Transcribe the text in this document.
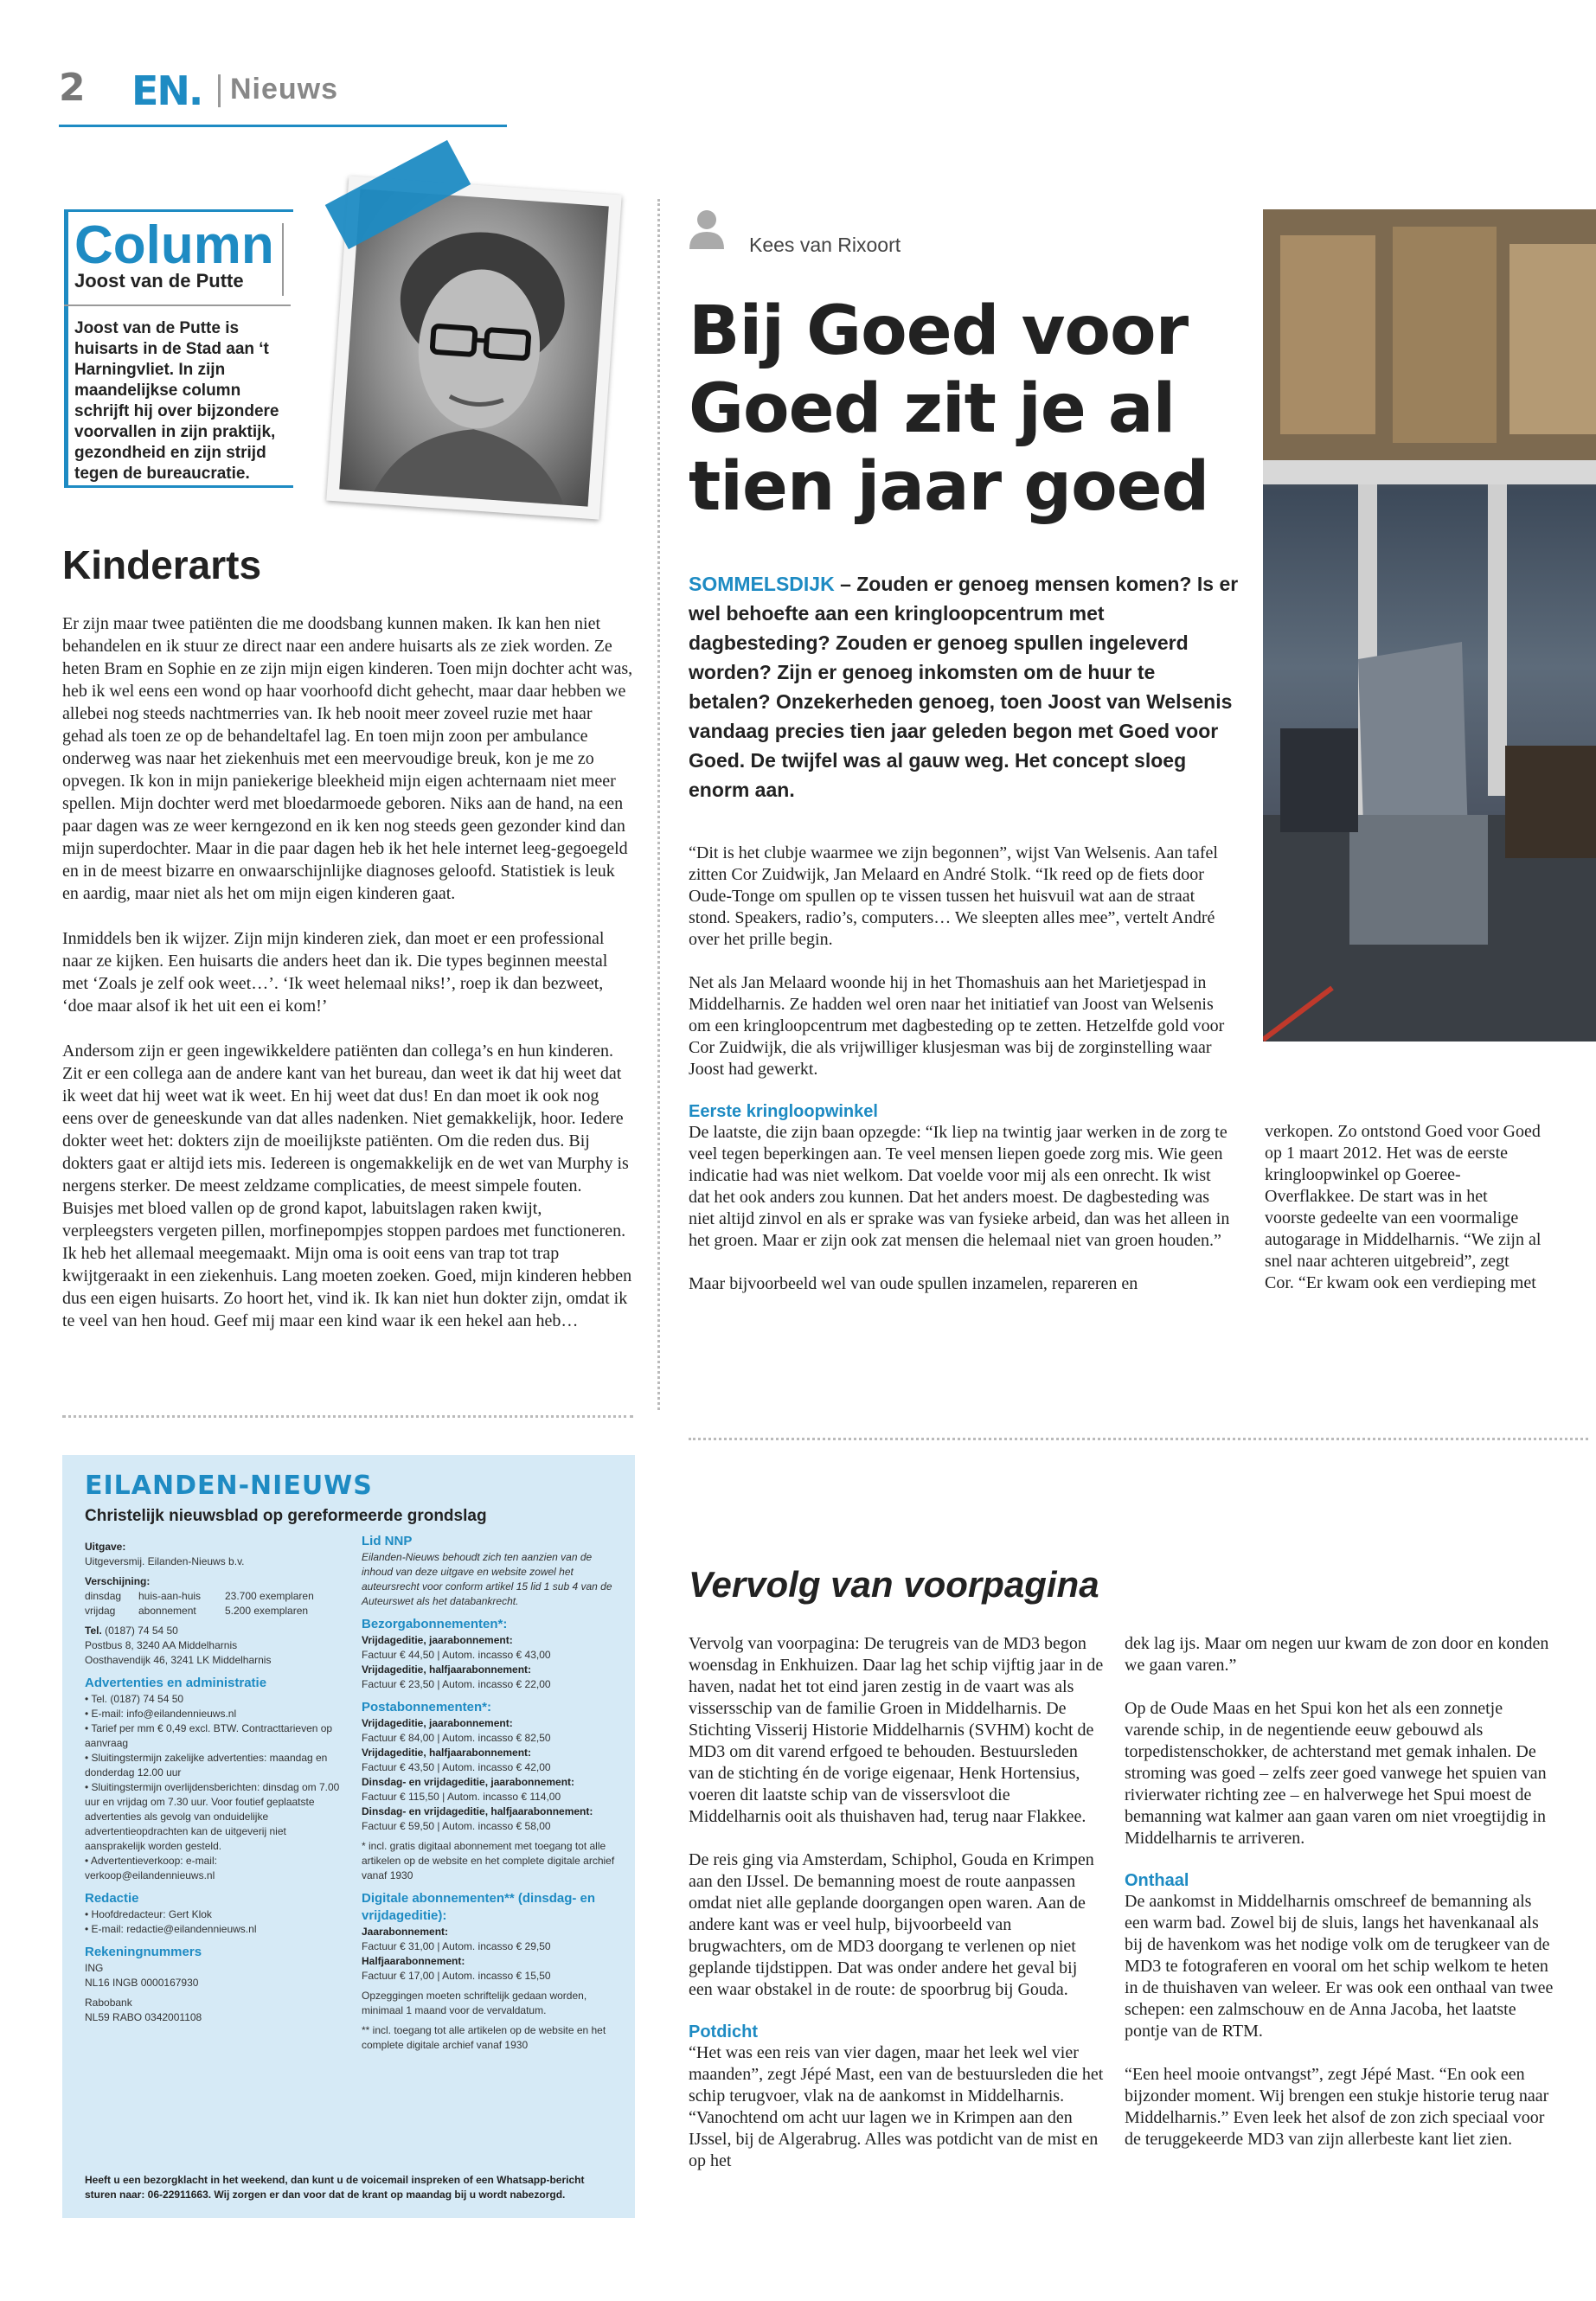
2 EN. Nieuws
Column
Joost van de Putte
Joost van de Putte is huisarts in de Stad aan ‘t Harningvliet. In zijn maandelijkse column schrijft hij over bijzondere voorvallen in zijn praktijk, gezondheid en zijn strijd tegen de bureaucratie.
Kinderarts

Er zijn maar twee patiënten die me doodsbang kunnen maken. Ik kan hen niet behandelen en ik stuur ze direct naar een andere huisarts als ze ziek worden. Ze heten Bram en Sophie en ze zijn mijn eigen kinderen. Toen mijn dochter acht was, heb ik wel eens een wond op haar voorhoofd dicht gehecht, maar daar hebben we allebei nog steeds nachtmerries van. Ik heb nooit meer zoveel ruzie met haar gehad als toen ze op de behandeltafel lag. En toen mijn zoon per ambulance onderweg was naar het ziekenhuis met een meervoudige breuk, kon je me zo opvegen. Ik kon in mijn paniekerige bleekheid mijn eigen achternaam niet meer spellen. Mijn dochter werd met bloedarmoede geboren. Niks aan de hand, na een paar dagen was ze weer kerngezond en ik ken nog steeds geen gezonder kind dan mijn superdochter. Maar in die paar dagen heb ik het hele internet leeg-gegoegeld en in de meest bizarre en onwaarschijnlijke diagnoses geloofd. Statistiek is leuk en aardig, maar niet als het om mijn eigen kinderen gaat.

Inmiddels ben ik wijzer. Zijn mijn kinderen ziek, dan moet er een professional naar ze kijken. Een huisarts die anders heet dan ik. Die types beginnen meestal met ‘Zoals je zelf ook weet…’. ‘Ik weet helemaal niks!’, roep ik dan bezweet, ‘doe maar alsof ik het uit een ei kom!’

Andersom zijn er geen ingewikkeldere patiënten dan collega’s en hun kinderen. Zit er een collega aan de andere kant van het bureau, dan weet ik dat hij weet dat ik weet dat hij weet wat ik weet. En hij weet dat dus! En dan moet ik ook nog eens over de geneeskunde van dat alles nadenken. Niet gemakkelijk, hoor. Iedere dokter weet het: dokters zijn de moeilijkste patiënten. Om die reden dus. Bij dokters gaat er altijd iets mis. Iedereen is ongemakkelijk en de wet van Murphy is nergens sterker. De meest zeldzame complicaties, de meest simpele fouten. Buisjes met bloed vallen op de grond kapot, labuitslagen raken kwijt, verpleegsters vergeten pillen, morfinepompjes stoppen pardoes met functioneren. Ik heb het allemaal meegemaakt. Mijn oma is ooit eens van trap tot trap kwijtgeraakt in een ziekenhuis. Lang moeten zoeken. Goed, mijn kinderen hebben dus een eigen huisarts. Zo hoort het, vind ik. Ik kan niet hun dokter zijn, omdat ik te veel van hen houd. Geef mij maar een kind waar ik een hekel aan heb…

Kees van Rixoort
Bij Goed voor Goed zit je al tien jaar goed
SOMMELSDIJK – Zouden er genoeg mensen komen? Is er wel behoefte aan een kringloopcentrum met dagbesteding? Zouden er genoeg spullen ingeleverd worden? Zijn er genoeg inkomsten om de huur te betalen? Onzekerheden genoeg, toen Joost van Welsenis vandaag precies tien jaar geleden begon met Goed voor Goed. De twijfel was al gauw weg. Het concept sloeg enorm aan.

“Dit is het clubje waarmee we zijn begonnen”, wijst Van Welsenis. Aan tafel zitten Cor Zuidwijk, Jan Melaard en André Stolk. “Ik reed op de fiets door Oude-Tonge om spullen op te vissen tussen het huisvuil wat aan de straat stond. Speakers, radio’s, computers… We sleepten alles mee”, vertelt André over het prille begin.

Net als Jan Melaard woonde hij in het Thomashuis aan het Marietjespad in Middelharnis. Ze hadden wel oren naar het initiatief van Joost van Welsenis om een kringloopcentrum met dagbesteding op te zetten. Hetzelfde gold voor Cor Zuidwijk, die als vrijwilliger klusjesman was bij de zorginstelling waar Joost had gewerkt.

Eerste kringloopwinkel

De laatste, die zijn baan opzegde: “Ik liep na twintig jaar werken in de zorg te veel tegen beperkingen aan. Te veel mensen liepen goede zorg mis. Wie geen indicatie had was niet welkom. Dat voelde voor mij als een onrecht. Ik wist dat het ook anders zou kunnen. Dat het anders moest. De dagbesteding was niet altijd zinvol en als er sprake was van fysieke arbeid, dan was het alleen in het groen. Maar er zijn ook zat mensen die helemaal niet van groen houden.”

Maar bijvoorbeeld wel van oude spullen inzamelen, repareren en

verkopen. Zo ontstond Goed voor Goed op 1 maart 2012. Het was de eerste kringloopwinkel op Goeree-Overflakkee. De start was in het voorste gedeelte van een voormalige autogarage in Middelharnis. “We zijn al snel naar achteren uitgebreid”, zegt Cor. “Er kwam ook een verdieping met
EILANDEN-NIEUWS
Christelijk nieuwsblad op gereformeerde grondslag
Uitgave:

Uitgeversmij. Eilanden-Nieuws b.v.

Verschijning:
dinsdag huis-aan-huis 23.700 exemplaren

vrijdag abonnement	5.200 exemplaren

Tel. (0187) 74 54 50
Postbus 8, 3240 AA Middelharnis

Oosthavendijk 46, 3241 LK Middelharnis

Advertenties en administratie
• Tel. (0187) 74 54 50
• E-mail: info@eilandennieuws.nl
• Tarief per mm € 0,49 excl. BTW. Contracttarieven op aanvraag
• Sluitingstermijn zakelijke advertenties: maandag en donderdag 12.00 uur
• Sluitingstermijn overlijdensberichten: dinsdag om 7.00 uur en vrijdag om 7.30 uur. Voor foutief geplaatste advertenties als gevolg van onduidelijke advertentieopdrachten kan de uitgeverij niet aansprakelijk worden gesteld.

• Advertentieverkoop: e-mail: verkoop@eilandennieuws.nl

Redactie
• Hoofdredacteur: Gert Klok

• E-mail: redactie@eilandennieuws.nl

Rekeningnummers
ING

NL16 INGB 0000167930

Rabobank
NL59 RABO 0342001108
Lid NNP

Eilanden-Nieuws behoudt zich ten aanzien van de inhoud van deze uitgave en website zowel het auteursrecht voor conform artikel 15 lid 1 sub 4 van de Auteurswet als het databankrecht.

Bezorgabonnementen*:
Vrijdageditie, jaarabonnement:
Factuur € 44,50 | Autom. incasso € 43,00
Vrijdageditie, halfjaarabonnement:

Factuur € 23,50 | Autom. incasso € 22,00

Postabonnementen*:
Vrijdageditie, jaarabonnement:
Factuur € 84,00 | Autom. incasso € 82,50
Vrijdageditie, halfjaarabonnement:
Factuur € 43,50 | Autom. incasso € 42,00
Dinsdag- en vrijdageditie, jaarabonnement:
Factuur € 115,50 | Autom. incasso € 114,00
Dinsdag- en vrijdageditie, halfjaarabonnement:

Factuur € 59,50 | Autom. incasso € 58,00

* incl. gratis digitaal abonnement met toegang tot alle artikelen op de website en het complete digitale archief vanaf 1930

Digitale abonnementen** (dinsdag- en vrijdageditie):
Jaarabonnement:
Factuur € 31,00 | Autom. incasso € 29,50
Halfjaarabonnement:

Factuur € 17,00 | Autom. incasso € 15,50

Opzeggingen moeten schriftelijk gedaan worden, minimaal 1 maand voor de vervaldatum.

** incl. toegang tot alle artikelen op de website en het complete digitale archief vanaf 1930

Heeft u een bezorgklacht in het weekend, dan kunt u de voicemail inspreken of een Whatsapp-bericht sturen naar: 06-22911663. Wij zorgen er dan voor dat de krant op maandag bij u wordt nabezorgd.
Vervolg van voorpagina

Vervolg van voorpagina: De terugreis van de MD3 begon woensdag in Enkhuizen. Daar lag het schip vijftig jaar in de haven, nadat het tot eind jaren zestig in de vaart was als vissersschip van de familie Groen in Middelharnis. De Stichting Visserij Historie Middelharnis (SVHM) kocht de MD3 om dit varend erfgoed te behouden. Bestuursleden van de stichting én de vorige eigenaar, Henk Hortensius, voeren dit laatste schip van de vissersvloot die Middelharnis ooit als thuishaven had, terug naar Flakkee.

De reis ging via Amsterdam, Schiphol, Gouda en Krimpen aan den IJssel. De bemanning moest de route aanpassen omdat niet alle geplande doorgangen open waren. Aan de andere kant was er veel hulp, bijvoorbeeld van brugwachters, om de MD3 doorgang te verlenen op niet geplande tijdstippen. Dat was onder andere het geval bij een waar obstakel in de route: de spoorbrug bij Gouda.

Potdicht

“Het was een reis van vier dagen, maar het leek wel vier maanden”, zegt Jépé Mast, een van de bestuursleden die het schip terugvoer, vlak na de aankomst in Middelharnis. “Vanochtend om acht uur lagen we in Krimpen aan den IJssel, bij de Algerabrug. Alles was potdicht van de mist en op het

dek lag ijs. Maar om negen uur kwam de zon door en konden we gaan varen.”

Op de Oude Maas en het Spui kon het als een zonnetje varende schip, in de negentiende eeuw gebouwd als torpedistenschokker, de achterstand met gemak inhalen. De stroming was goed – zelfs zeer goed vanwege het spuien van rivierwater richting zee – en halverwege het Spui moest de bemanning wat kalmer aan gaan varen om niet vroegtijdig in Middelharnis te arriveren.

Onthaal

De aankomst in Middelharnis omschreef de bemanning als een warm bad. Zowel bij de sluis, langs het havenkanaal als bij de havenkom was het nodige volk om de terugkeer van de MD3 te fotograferen en vooral om het schip welkom te heten in de thuishaven van weleer. Er was ook een onthaal van twee schepen: een zalmschouw en de Anna Jacoba, het laatste pontje van de RTM.

“Een heel mooie ontvangst”, zegt Jépé Mast. “En ook een bijzonder moment. Wij brengen een stukje historie terug naar Middelharnis.” Even leek het alsof de zon zich speciaal voor de teruggekeerde MD3 van zijn allerbeste kant liet zien.
